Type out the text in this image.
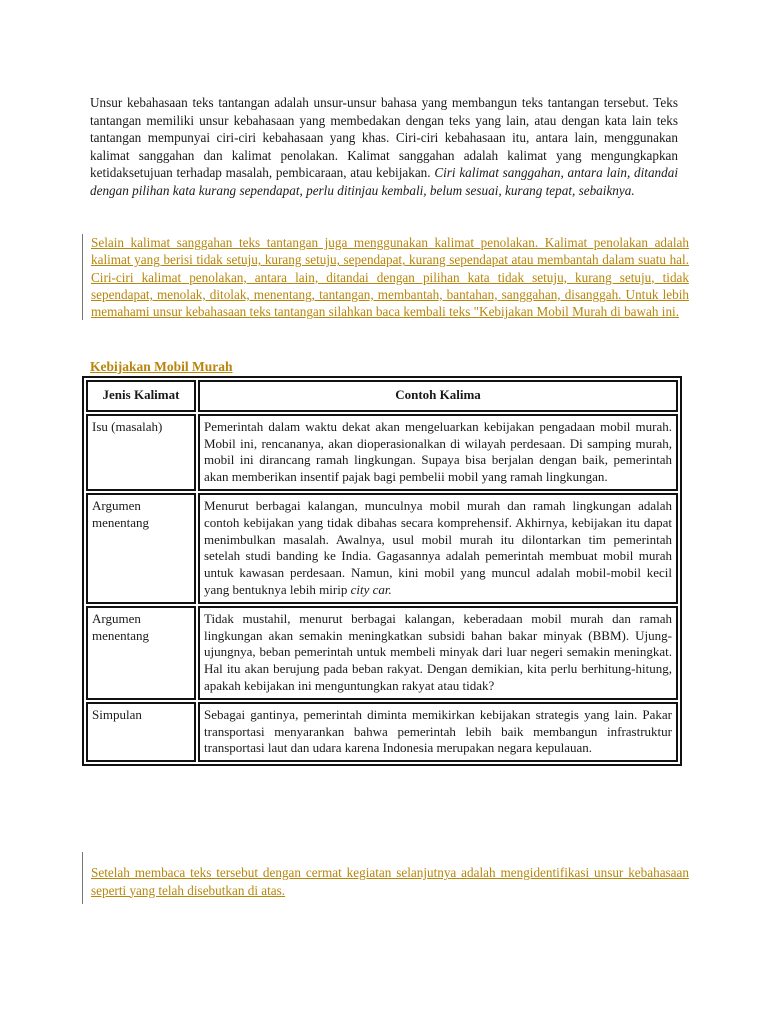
Unsur kebahasaan teks tantangan adalah unsur-unsur bahasa yang membangun teks tantangan tersebut. Teks tantangan memiliki unsur kebahasaan yang membedakan dengan teks yang lain, atau dengan kata lain teks tantangan mempunyai ciri-ciri kebahasaan yang khas. Ciri-ciri kebahasaan itu, antara lain, menggunakan kalimat sanggahan dan kalimat penolakan. Kalimat sanggahan adalah kalimat yang mengungkapkan ketidaksetujuan terhadap masalah, pembicaraan, atau kebijakan. Ciri kalimat sanggahan, antara lain, ditandai dengan pilihan kata kurang sependapat, perlu ditinjau kembali, belum sesuai, kurang tepat, sebaiknya.
Selain kalimat sanggahan teks tantangan juga menggunakan kalimat penolakan. Kalimat penolakan adalah kalimat yang berisi tidak setuju, kurang setuju, sependapat, kurang sependapat atau membantah dalam suatu hal. Ciri-ciri kalimat penolakan, antara lain, ditandai dengan pilihan kata tidak setuju, kurang setuju, tidak sependapat, menolak, ditolak, menentang, tantangan, membantah, bantahan, sanggahan, disanggah. Untuk lebih memahami unsur kebahasaan teks tantangan silahkan baca kembali teks "Kebijakan Mobil Murah di bawah ini.
Kebijakan Mobil Murah
Jenis Kalimat	Contoh Kalima
Isu (masalah)	Pemerintah dalam waktu dekat akan mengeluarkan kebijakan pengadaan mobil murah. Mobil ini, rencananya, akan dioperasionalkan di wilayah perdesaan. Di samping murah, mobil ini dirancang ramah lingkungan. Supaya bisa berjalan dengan baik, pemerintah akan memberikan insentif pajak bagi pembelii mobil yang ramah lingkungan.
Argumen menentang	Menurut berbagai kalangan, munculnya mobil murah dan ramah lingkungan adalah contoh kebijakan yang tidak dibahas secara komprehensif. Akhirnya, kebijakan itu dapat menimbulkan masalah. Awalnya, usul mobil murah itu dilontarkan tim pemerintah setelah studi banding ke India. Gagasannya adalah pemerintah membuat mobil murah untuk kawasan perdesaan. Namun, kini mobil yang muncul adalah mobil-mobil kecil yang bentuknya lebih mirip city car.
Argumen menentang	Tidak mustahil, menurut berbagai kalangan, keberadaan mobil murah dan ramah lingkungan akan semakin meningkatkan subsidi bahan bakar minyak (BBM). Ujung-ujungnya, beban pemerintah untuk membeli minyak dari luar negeri semakin meningkat. Hal itu akan berujung pada beban rakyat. Dengan demikian, kita perlu berhitung-hitung, apakah kebijakan ini menguntungkan rakyat atau tidak?
Simpulan	Sebagai gantinya, pemerintah diminta memikirkan kebijakan strategis yang lain. Pakar transportasi menyarankan bahwa pemerintah lebih baik membangun infrastruktur transportasi laut dan udara karena Indonesia merupakan negara kepulauan.
Setelah membaca teks tersebut dengan cermat kegiatan selanjutnya adalah mengidentifikasi unsur kebahasaan seperti yang telah disebutkan di atas.
